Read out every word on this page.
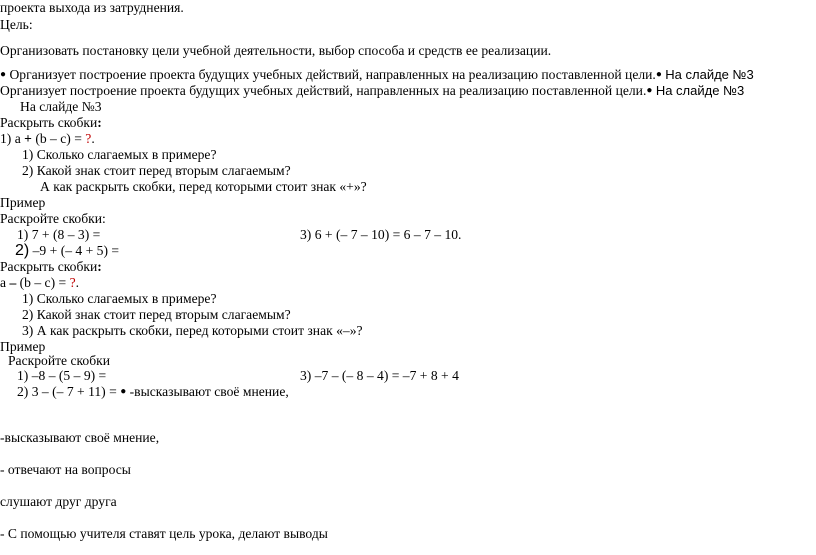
проекта выхода из затруднения.
Цель:
Организовать постановку цели учебной деятельности, выбор способа и средств ее реализации.
● Организует построение проекта будущих учебных действий, направленных на реализацию поставленной цели.● На слайде №3
Организует построение проекта будущих учебных действий, направленных на реализацию поставленной цели.● На слайде №3
На слайде №3
Раскрыть скобки:
1) a + (b – c) = ?.
1) Сколько слагаемых в примере?
2) Какой знак стоит перед вторым слагаемым?
А как раскрыть скобки, перед которыми стоит знак «+»?
Пример
Раскройте скобки:
1) 7 + (8 – 3) =	3) 6 + (– 7 – 10) = 6 – 7 – 10.
2) –9 + (– 4 + 5) =
Раскрыть скобки:
a – (b – c) = ?.
1) Сколько слагаемых в примере?
2) Какой знак стоит перед вторым слагаемым?
3) А как раскрыть скобки, перед которыми стоит знак «–»?
Пример
Раскройте скобки
1) –8 – (5 – 9) =	3) –7 – (– 8 – 4) = –7 + 8 + 4
2) 3 – (– 7 + 11) = ● -высказывают своё мнение,
-высказывают своё мнение,
- отвечают на вопросы
слушают друг друга
- С помощью учителя ставят цель урока, делают выводы
